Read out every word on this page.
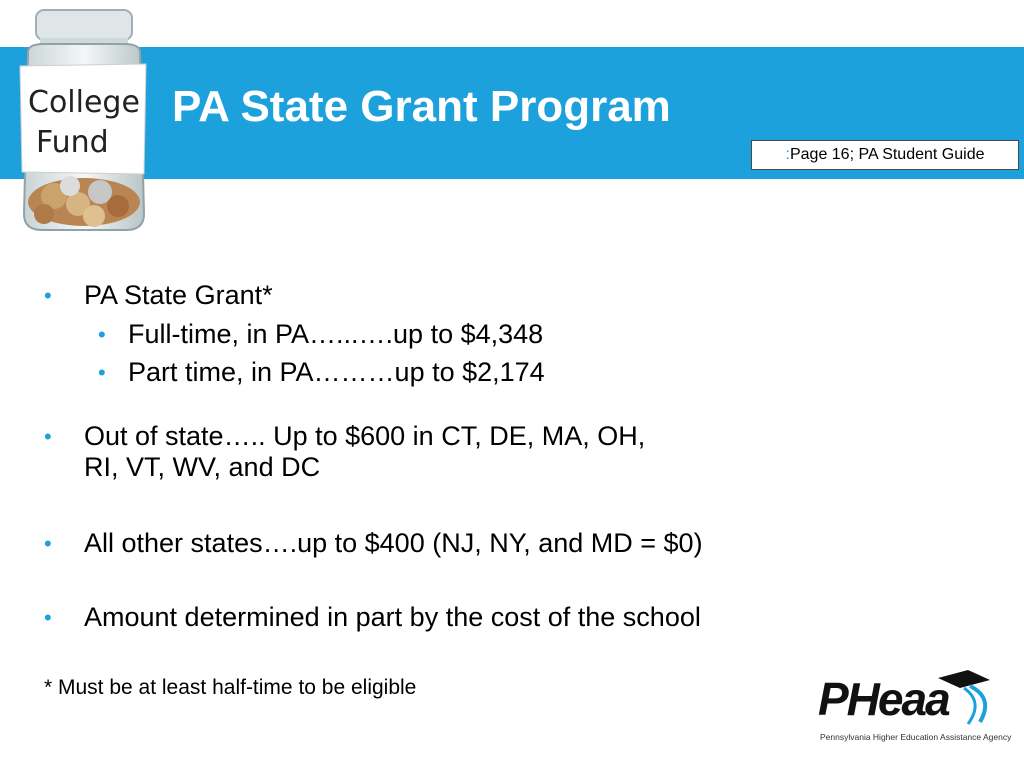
PA State Grant Program
:Page 16; PA Student Guide
College
Fund
•	PA State Grant*
• Full-time, in PA…...….up to $4,348
• Part time, in PA………up to $2,174
•	Out of state….. Up to $600 in CT, DE, MA, OH,
RI, VT, WV, and DC
•	All other states….up to $400 (NJ, NY, and MD = $0)
•	Amount determined in part by the cost of the school
* Must be at least half-time to be eligible	PHeaa
Pennsylvania Higher Education Assistance Agency
